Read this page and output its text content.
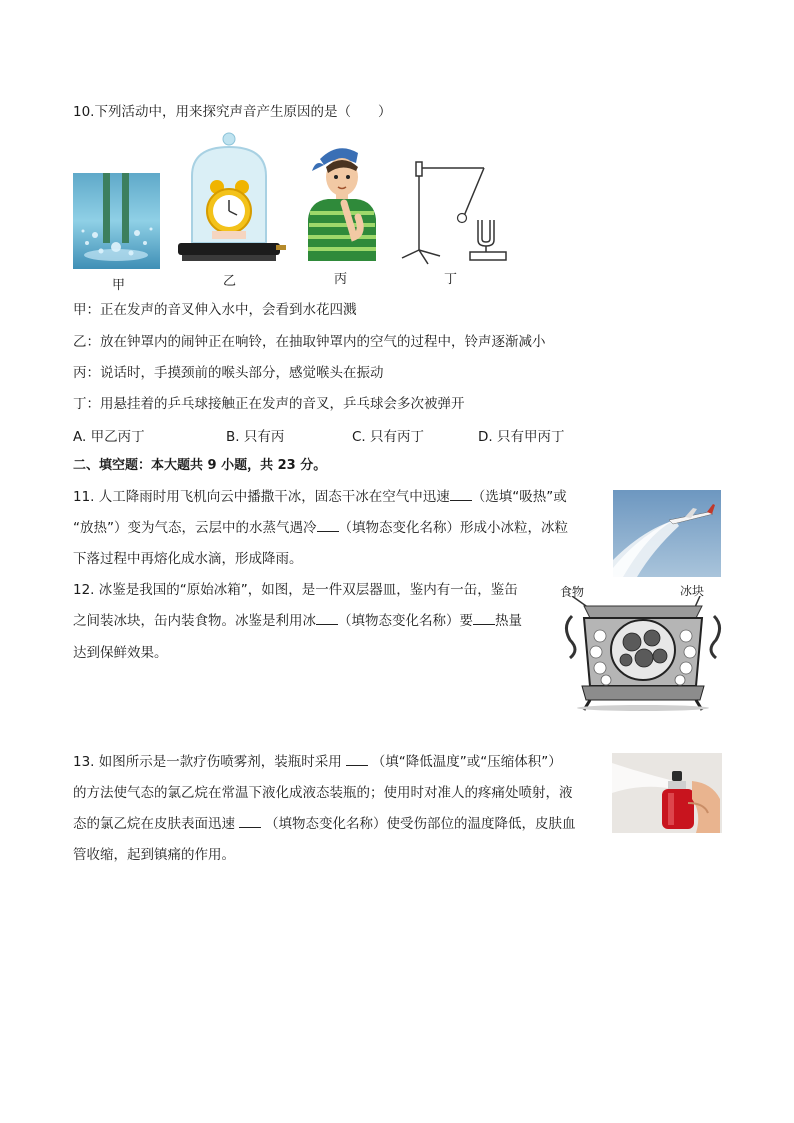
10.下列活动中，用来探究声音产生原因的是（　　）
甲	乙	丙	丁
甲：正在发声的音叉伸入水中，会看到水花四溅
乙：放在钟罩内的闹钟正在响铃，在抽取钟罩内的空气的过程中，铃声逐渐减小
丙：说话时，手摸颈前的喉头部分，感觉喉头在振动
丁：用悬挂着的乒乓球接触正在发声的音叉，乒乓球会多次被弹开
A. 甲乙丙丁	B. 只有丙	C. 只有丙丁	D. 只有甲丙丁
二、填空题：本大题共 9 小题，共 23 分。
11. 人工降雨时用飞机向云中播撒干冰，固态干冰在空气中迅速 （选填“吸热”或
“放热”）变为气态，云层中的水蒸气遇冷 （填物态变化名称）形成小冰粒，冰粒
下落过程中再熔化成水滴，形成降雨。
12. 冰鉴是我国的“原始冰箱”，如图，是一件双层器皿，鉴内有一缶，鉴缶
之间装冰块，缶内装食物。冰鉴是利用冰 （填物态变化名称）要 热量
达到保鲜效果。
食物	冰块
13. 如图所示是一款疗伤喷雾剂，装瓶时采用 （填“降低温度”或“压缩体积”）
的方法使气态的氯乙烷在常温下液化成液态装瓶的；使用时对准人的疼痛处喷射，液
态的氯乙烷在皮肤表面迅速 （填物态变化名称）使受伤部位的温度降低，皮肤血
管收缩，起到镇痛的作用。
